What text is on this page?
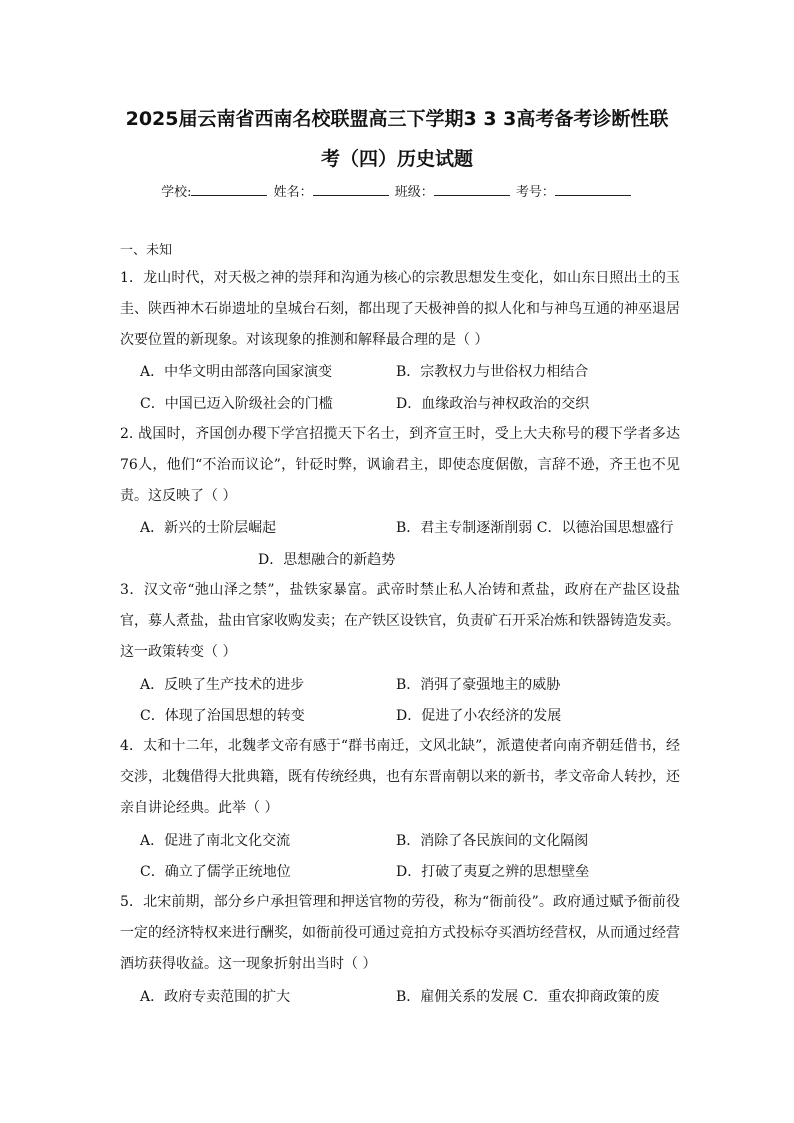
2025届云南省西南名校联盟高三下学期3 3 3高考备考诊断性联
考（四）历史试题
学校:	姓名：	班级：	考号：
一、未知
1．龙山时代，对天极之神的崇拜和沟通为核心的宗教思想发生变化，如山东日照出土的玉圭、陕西神木石峁遗址的皇城台石刻，都出现了天极神兽的拟人化和与神鸟互通的神巫退居次要位置的新现象。对该现象的推测和解释最合理的是（ ）
A．中华文明由部落向国家演变	B．宗教权力与世俗权力相结合
C．中国已迈入阶级社会的门槛	D．血缘政治与神权政治的交织
2. 战国时，齐国创办稷下学宫招揽天下名士，到齐宣王时，受上大夫称号的稷下学者多达76人，他们“不治而议论”，针砭时弊，讽谕君主，即使态度倨傲，言辞不逊，齐王也不见责。这反映了（ ）
A．新兴的士阶层崛起	B．君主专制逐渐削弱 C．以德治国思想盛行
D．思想融合的新趋势
3．汉文帝“弛山泽之禁”，盐铁家暴富。武帝时禁止私人冶铸和煮盐，政府在产盐区设盐官，募人煮盐，盐由官家收购发卖；在产铁区设铁官，负责矿石开采冶炼和铁器铸造发卖。这一政策转变（ ）
A．反映了生产技术的进步	B．消弭了豪强地主的威胁
C．体现了治国思想的转变	D．促进了小农经济的发展
4．太和十二年，北魏孝文帝有感于“群书南迁，文风北缺”，派遣使者向南齐朝廷借书，经交涉，北魏借得大批典籍，既有传统经典，也有东晋南朝以来的新书，孝文帝命人转抄，还亲自讲论经典。此举（ ）
A．促进了南北文化交流	B．消除了各民族间的文化隔阂
C．确立了儒学正统地位	D．打破了夷夏之辨的思想壁垒
5．北宋前期，部分乡户承担管理和押送官物的劳役，称为“衙前役”。政府通过赋予衙前役一定的经济特权来进行酬奖，如衙前役可通过竞拍方式投标夺买酒坊经营权，从而通过经营酒坊获得收益。这一现象折射出当时（ ）
A．政府专卖范围的扩大	B．雇佣关系的发展 C．重农抑商政策的废
